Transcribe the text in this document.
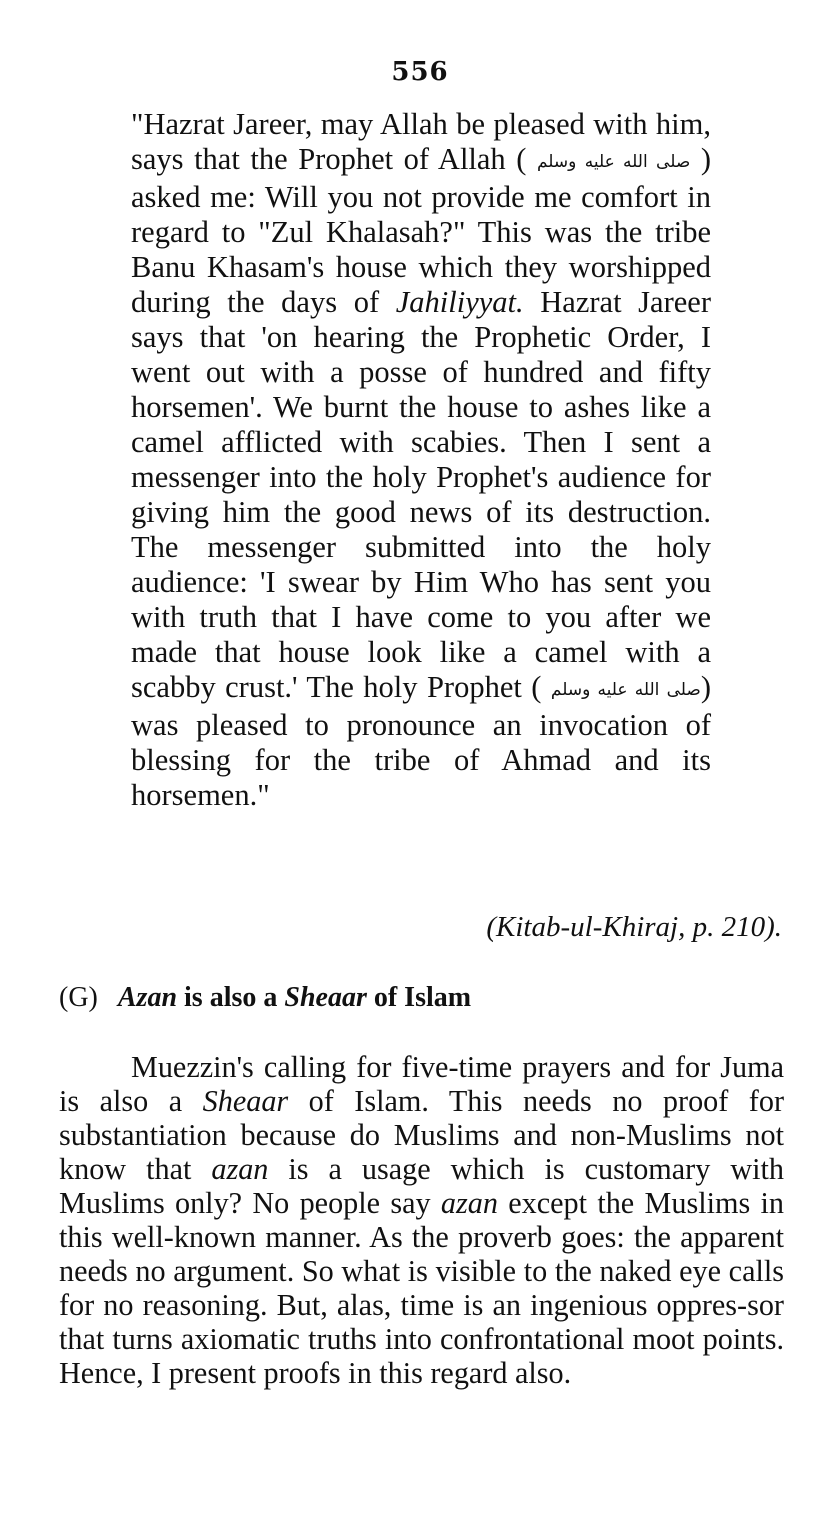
556
"Hazrat Jareer, may Allah be pleased with him, says that the Prophet of Allah ( صلى الله عليه وسلم ) asked me: Will you not provide me comfort in regard to "Zul Khalasah?" This was the tribe Banu Khasam's house which they worshipped during the days of Jahiliyyat. Hazrat Jareer says that 'on hearing the Prophetic Order, I went out with a posse of hundred and fifty horsemen'. We burnt the house to ashes like a camel afflicted with scabies. Then I sent a messenger into the holy Prophet's audience for giving him the good news of its destruction. The messenger submitted into the holy audience: 'I swear by Him Who has sent you with truth that I have come to you after we made that house look like a camel with a scabby crust.' The holy Prophet ( صلى الله عليه وسلم) was pleased to pronounce an invocation of blessing for the tribe of Ahmad and its horsemen."
(Kitab-ul-Khiraj, p. 210).
(G) Azan is also a Sheaar of Islam
Muezzin's calling for five-time prayers and for Juma is also a Sheaar of Islam. This needs no proof for substantiation because do Muslims and non-Muslims not know that azan is a usage which is customary with Muslims only? No people say azan except the Muslims in this well-known manner. As the proverb goes: the apparent needs no argument. So what is visible to the naked eye calls for no reasoning. But, alas, time is an ingenious oppres-sor that turns axiomatic truths into confrontational moot points. Hence, I present proofs in this regard also.
